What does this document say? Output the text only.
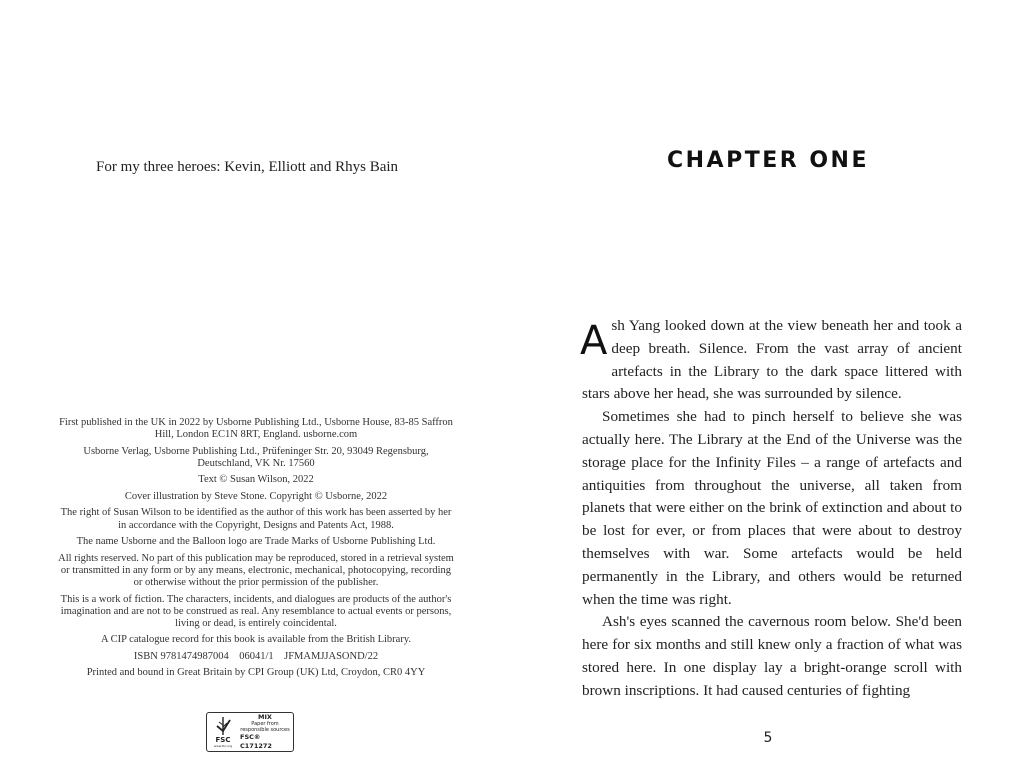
For my three heroes: Kevin, Elliott and Rhys Bain

First published in the UK in 2022 by Usborne Publishing Ltd., Usborne House, 83-85 Saffron Hill, London EC1N 8RT, England. usborne.com

Usborne Verlag, Usborne Publishing Ltd., Prüfeninger Str. 20, 93049 Regensburg, Deutschland, VK Nr. 17560

Text © Susan Wilson, 2022

Cover illustration by Steve Stone. Copyright © Usborne, 2022

The right of Susan Wilson to be identified as the author of this work has been asserted by her in accordance with the Copyright, Designs and Patents Act, 1988.

The name Usborne and the Balloon logo are Trade Marks of Usborne Publishing Ltd.

All rights reserved. No part of this publication may be reproduced, stored in a retrieval system or transmitted in any form or by any means, electronic, mechanical, photocopying, recording or otherwise without the prior permission of the publisher.

This is a work of fiction. The characters, incidents, and dialogues are products of the author's imagination and are not to be construed as real. Any resemblance to actual events or persons, living or dead, is entirely coincidental.

A CIP catalogue record for this book is available from the British Library.

ISBN 9781474987004    06041/1    JFMAMJJASOND/22

Printed and bound in Great Britain by CPI Group (UK) Ltd, Croydon, CR0 4YY

FSC
www.fsc.org
MIX
Paper from responsible sources
FSC® C171272
CHAPTER ONE

Ash Yang looked down at the view beneath her and took a deep breath. Silence. From the vast array of ancient artefacts in the Library to the dark space littered with stars above her head, she was surrounded by silence.

Sometimes she had to pinch herself to believe she was actually here. The Library at the End of the Universe was the storage place for the Infinity Files – a range of artefacts and antiquities from throughout the universe, all taken from planets that were either on the brink of extinction and about to be lost for ever, or from places that were about to destroy themselves with war. Some artefacts would be held permanently in the Library, and others would be returned when the time was right.

Ash's eyes scanned the cavernous room below. She'd been here for six months and still knew only a fraction of what was stored here. In one display lay a bright-orange scroll with brown inscriptions. It had caused centuries of fighting

5
